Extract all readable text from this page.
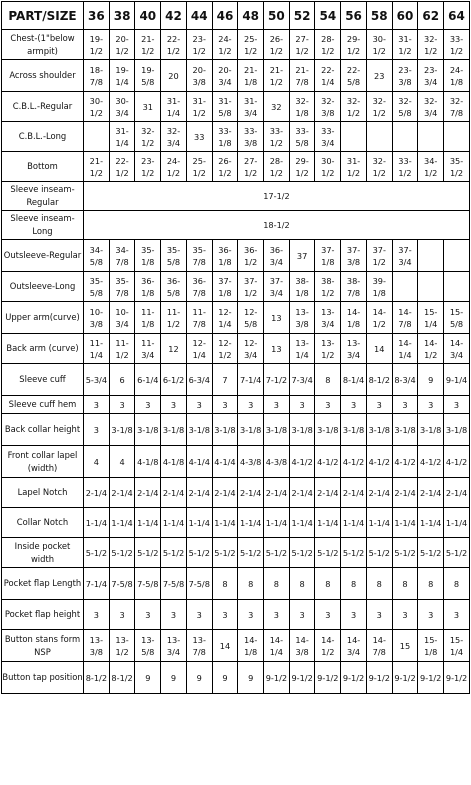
PART/SIZE	36	38	40	42	44	46	48	50	52	54	56	58	60	62	64
Chest-(1"below armpit)	19-1/2	20-1/2	21-1/2	22-1/2	23-1/2	24-1/2	25-1/2	26-1/2	27-1/2	28-1/2	29-1/2	30-1/2	31-1/2	32-1/2	33-1/2
Across shoulder	18-7/8	19-1/4	19-5/8	20	20-3/8	20-3/4	21-1/8	21-1/2	21-7/8	22-1/4	22-5/8	23	23-3/8	23-3/4	24-1/8
C.B.L.-Regular	30-1/2	30-3/4	31	31-1/4	31-1/2	31-5/8	31-3/4	32	32-1/8	32-3/8	32-1/2	32-1/2	32-5/8	32-3/4	32-7/8
C.B.L.-Long		31-1/4	32-1/2	32-3/4	33	33-1/8	33-3/8	33-1/2	33-5/8	33-3/4					
Bottom	21-1/2	22-1/2	23-1/2	24-1/2	25-1/2	26-1/2	27-1/2	28-1/2	29-1/2	30-1/2	31-1/2	32-1/2	33-1/2	34-1/2	35-1/2
Sleeve inseam-Regular	17-1/2														
Sleeve inseam-Long	18-1/2														
Outsleeve-Regular	34-5/8	34-7/8	35-1/8	35-5/8	35-7/8	36-1/8	36-1/2	36-3/4	37	37-1/8	37-3/8	37-1/2	37-3/4		
Outsleeve-Long	35-5/8	35-7/8	36-1/8	36-5/8	36-7/8	37-1/8	37-1/2	37-3/4	38-1/8	38-1/2	38-7/8	39-1/8			
Upper arm(curve)	10-3/8	10-3/4	11-1/8	11-1/2	11-7/8	12-1/4	12-5/8	13	13-3/8	13-3/4	14-1/8	14-1/2	14-7/8	15-1/4	15-5/8
Back arm (curve)	11-1/4	11-1/2	11-3/4	12	12-1/4	12-1/2	12-3/4	13	13-1/4	13-1/2	13-3/4	14	14-1/4	14-1/2	14-3/4
Sleeve cuff	5-3/4	6	6-1/4	6-1/2	6-3/4	7	7-1/4	7-1/2	7-3/4	8	8-1/4	8-1/2	8-3/4	9	9-1/4
Sleeve cuff hem	3	3	3	3	3	3	3	3	3	3	3	3	3	3	3
Back collar height	3	3-1/8	3-1/8	3-1/8	3-1/8	3-1/8	3-1/8	3-1/8	3-1/8	3-1/8	3-1/8	3-1/8	3-1/8	3-1/8	3-1/8
Front collar lapel (width)	4	4	4-1/8	4-1/8	4-1/4	4-1/4	4-3/8	4-3/8	4-1/2	4-1/2	4-1/2	4-1/2	4-1/2	4-1/2	4-1/2
Lapel Notch	2-1/4	2-1/4	2-1/4	2-1/4	2-1/4	2-1/4	2-1/4	2-1/4	2-1/4	2-1/4	2-1/4	2-1/4	2-1/4	2-1/4	2-1/4
Collar Notch	1-1/4	1-1/4	1-1/4	1-1/4	1-1/4	1-1/4	1-1/4	1-1/4	1-1/4	1-1/4	1-1/4	1-1/4	1-1/4	1-1/4	1-1/4
Inside pocket width	5-1/2	5-1/2	5-1/2	5-1/2	5-1/2	5-1/2	5-1/2	5-1/2	5-1/2	5-1/2	5-1/2	5-1/2	5-1/2	5-1/2	5-1/2
Pocket flap Length	7-1/4	7-5/8	7-5/8	7-5/8	7-5/8	8	8	8	8	8	8	8	8	8	8
Pocket flap height	3	3	3	3	3	3	3	3	3	3	3	3	3	3	3
Button stans form NSP	13-3/8	13-1/2	13-5/8	13-3/4	13-7/8	14	14-1/8	14-1/4	14-3/8	14-1/2	14-3/4	14-7/8	15	15-1/8	15-1/4
Button tap position	8-1/2	8-1/2	9	9	9	9	9	9-1/2	9-1/2	9-1/2	9-1/2	9-1/2	9-1/2	9-1/2	9-1/2
